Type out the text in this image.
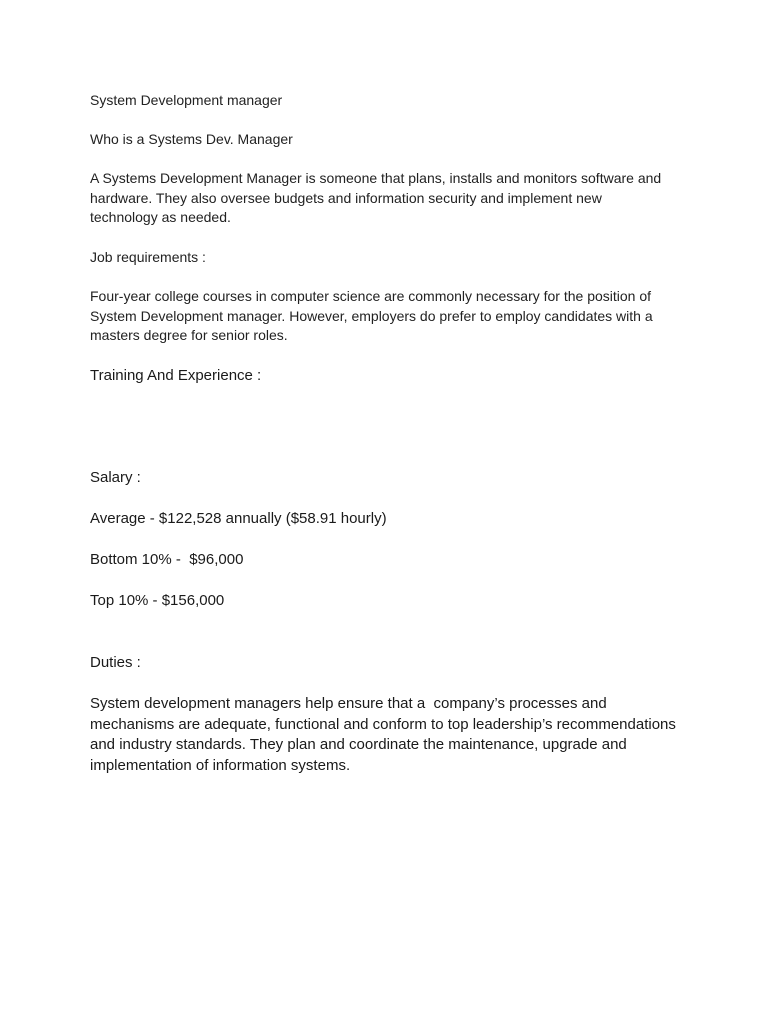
System Development manager

Who is a Systems Dev. Manager

A Systems Development Manager is someone that plans, installs and monitors software and hardware. They also oversee budgets and information security and implement new technology as needed.

Job requirements :

Four-year college courses in computer science are commonly necessary for the position of System Development manager. However, employers do prefer to employ candidates with a masters degree for senior roles.

Training And Experience :

Salary :

Average - $122,528 annually ($58.91 hourly)

Bottom 10% -  $96,000

Top 10% - $156,000

Duties :

System development managers help ensure that a  company’s processes and mechanisms are adequate, functional and conform to top leadership’s recommendations and industry standards. They plan and coordinate the maintenance, upgrade and implementation of information systems.
